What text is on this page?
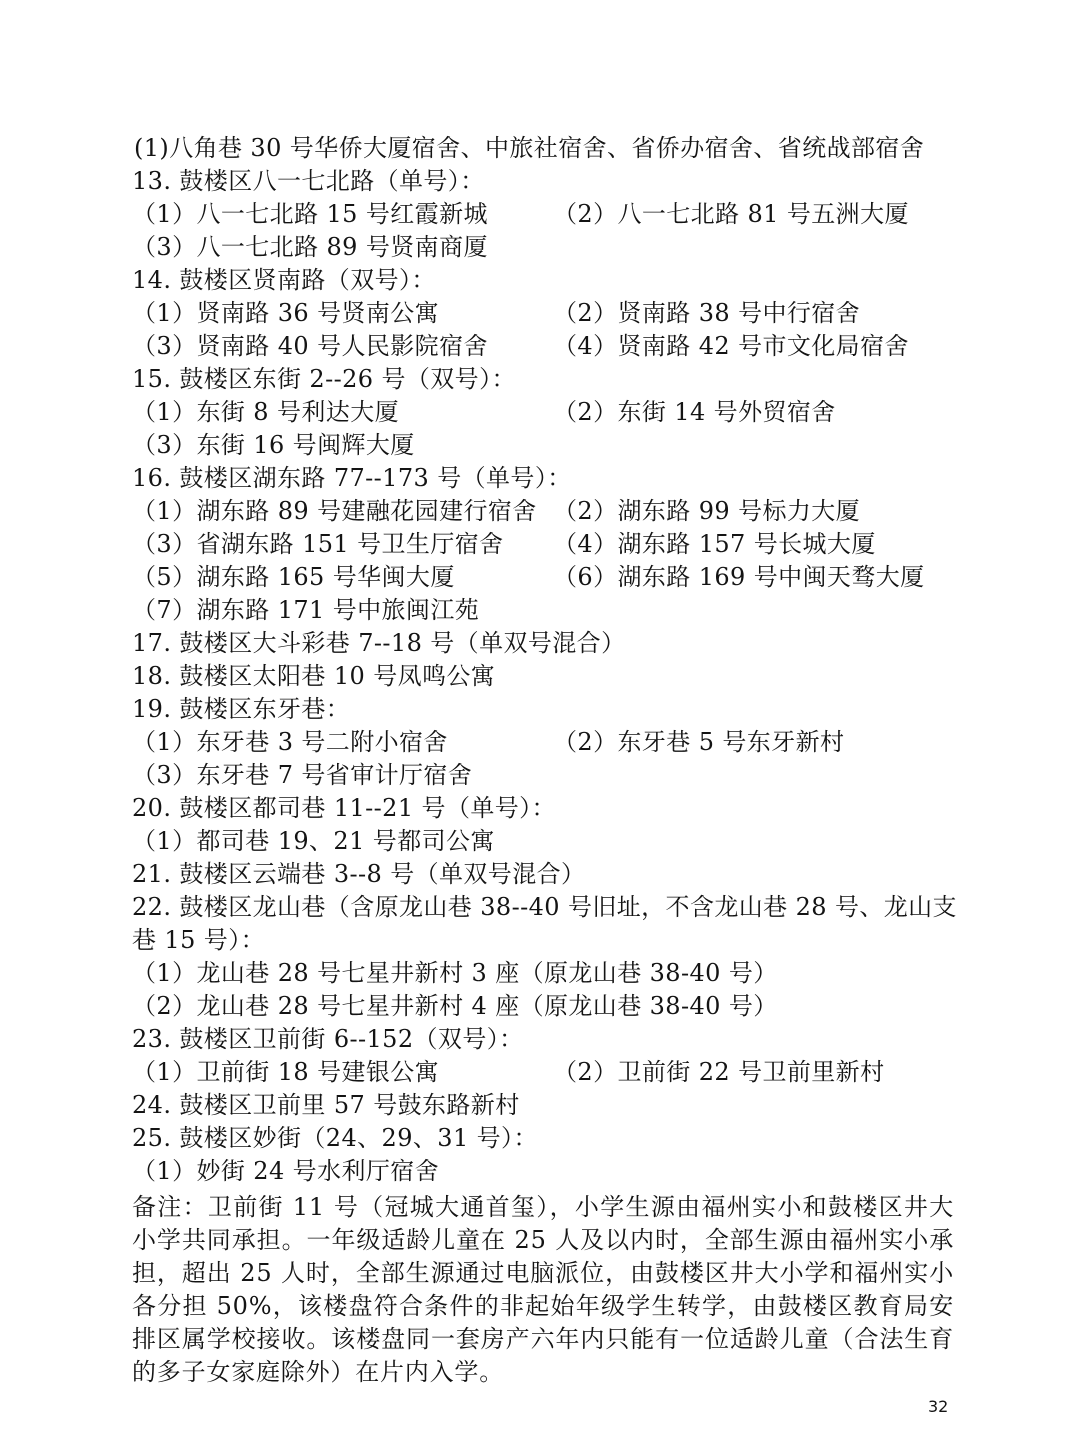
(1)八角巷 30 号华侨大厦宿舍、中旅社宿舍、省侨办宿舍、省统战部宿舍
13. 鼓楼区八一七北路（单号）：
（1）八一七北路 15 号红霞新城	（2）八一七北路 81 号五洲大厦
（3）八一七北路 89 号贤南商厦
14. 鼓楼区贤南路（双号）：
（1）贤南路 36 号贤南公寓	（2）贤南路 38 号中行宿舍
（3）贤南路 40 号人民影院宿舍	（4）贤南路 42 号市文化局宿舍
15. 鼓楼区东街 2--26 号（双号）：
（1）东街 8 号利达大厦	（2）东街 14 号外贸宿舍
（3）东街 16 号闽辉大厦
16. 鼓楼区湖东路 77--173 号（单号）：
（1）湖东路 89 号建融花园建行宿舍 （2）湖东路 99 号标力大厦
（3）省湖东路 151 号卫生厅宿舍 （4）湖东路 157 号长城大厦
（5）湖东路 165 号华闽大厦	（6）湖东路 169 号中闽天骛大厦
（7）湖东路 171 号中旅闽江苑
17. 鼓楼区大斗彩巷 7--18 号（单双号混合）
18. 鼓楼区太阳巷 10 号凤鸣公寓
19. 鼓楼区东牙巷：
（1）东牙巷 3 号二附小宿舍	（2）东牙巷 5 号东牙新村
（3）东牙巷 7 号省审计厅宿舍
20. 鼓楼区都司巷 11--21 号（单号）：
（1）都司巷 19、21 号都司公寓
21. 鼓楼区云端巷 3--8 号（单双号混合）
22. 鼓楼区龙山巷（含原龙山巷 38--40 号旧址，不含龙山巷 28 号、龙山支
巷 15 号）：
（1）龙山巷 28 号七星井新村 3 座（原龙山巷 38-40 号）
（2）龙山巷 28 号七星井新村 4 座（原龙山巷 38-40 号）
23. 鼓楼区卫前街 6--152（双号）：
（1）卫前街 18 号建银公寓	（2）卫前街 22 号卫前里新村
24. 鼓楼区卫前里 57 号鼓东路新村
25. 鼓楼区妙街（24、29、31 号）：
（1）妙街 24 号水利厅宿舍
备注：卫前街 11 号（冠城大通首玺），小学生源由福州实小和鼓楼区井大小学共同承担。一年级适龄儿童在 25 人及以内时，全部生源由福州实小承担，超出 25 人时，全部生源通过电脑派位，由鼓楼区井大小学和福州实小各分担 50%，该楼盘符合条件的非起始年级学生转学，由鼓楼区教育局安排区属学校接收。该楼盘同一套房产六年内只能有一位适龄儿童（合法生育的多子女家庭除外）在片内入学。
32
